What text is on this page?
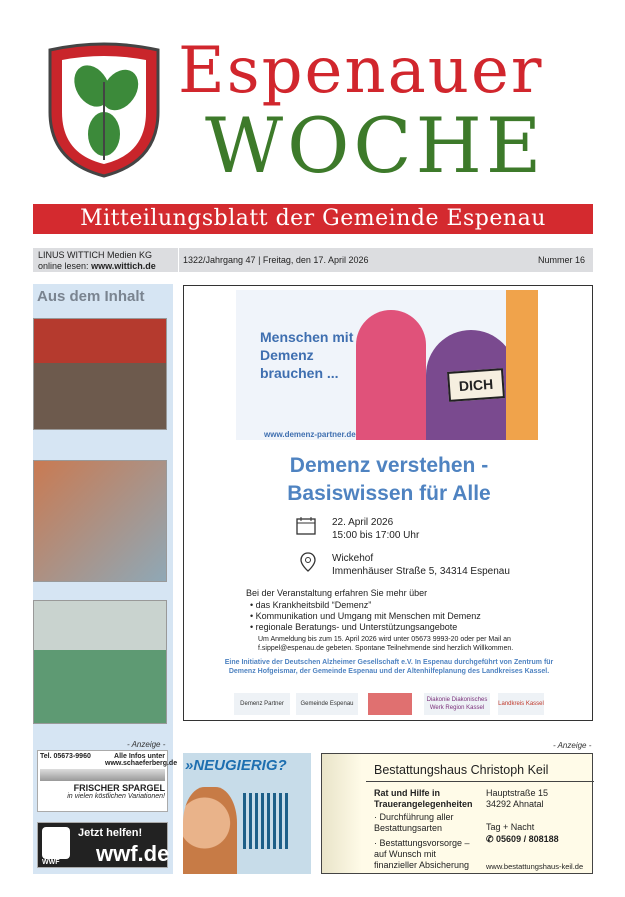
Espenauer
WOCHE
Mitteilungsblatt der Gemeinde Espenau
LINUS WITTICH Medien KG
online lesen: www.wittich.de
1322/Jahrgang 47 | Freitag, den 17. April 2026	Nummer 16
Aus dem Inhalt
- Anzeige -
Tel. 05673-9960	Alle Infos unter www.schaeferberg.de
FRISCHER SPARGEL
in vielen köstlichen Variationen!
WWF
Jetzt helfen!
wwf.de
Menschen mit Demenz brauchen ...
DICH
www.demenz-partner.de
Demenz verstehen -
Basiswissen für Alle
22. April 2026
15:00 bis 17:00 Uhr
Wickehof
Immenhäuser Straße 5, 34314 Espenau
Bei der Veranstaltung erfahren Sie mehr über
• das Krankheitsbild “Demenz”
• Kommunikation und Umgang mit Menschen mit Demenz
• regionale Beratungs- und Unterstützungsangebote
Um Anmeldung bis zum 15. April 2026 wird unter 05673 9993-20 oder per Mail an f.sippel@espenau.de gebeten. Spontane Teilnehmende sind herzlich Willkommen.
Eine Initiative der Deutschen Alzheimer Gesellschaft e.V. In Espenau durchgeführt von Zentrum für Demenz Hofgeismar, der Gemeinde Espenau und der Altenhilfeplanung des Landkreises Kassel.
Demenz Partner	Gemeinde Espenau
Diakonie Diakonisches Werk Region Kassel
Landkreis Kassel
- Anzeige -
»NEUGIERIG?	Bestattungshaus Christoph Keil
Rat und Hilfe in Trauerangelegenheiten
· Durchführung aller Bestattungsarten
· Bestattungsvorsorge – auf Wunsch mit finanzieller Absicherung
Hauptstraße 15
34292 Ahnatal
Tag + Nacht
✆ 05609 / 808188
www.bestattungshaus-keil.de
